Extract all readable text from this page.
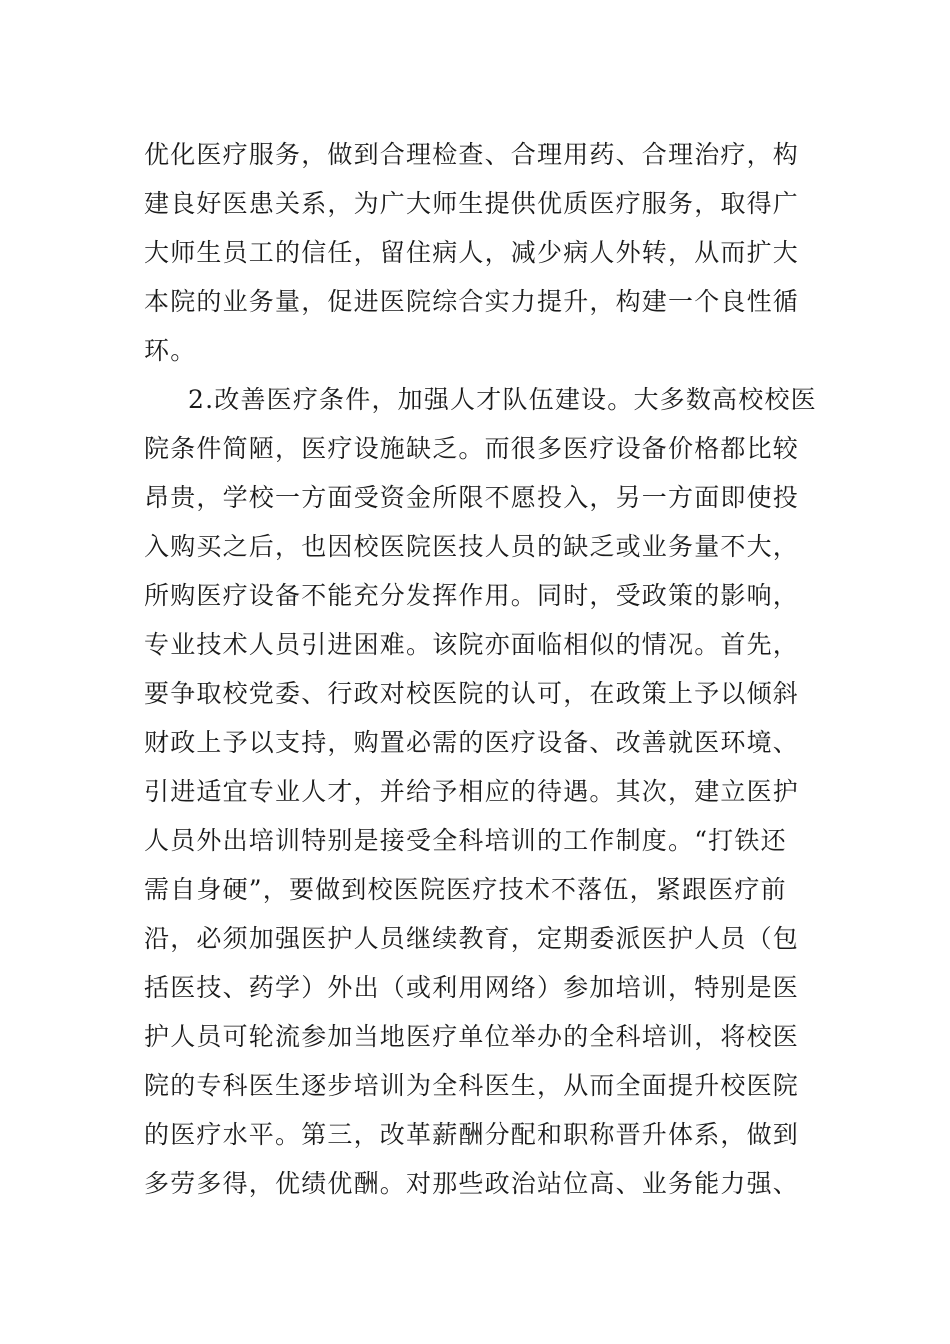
优化医疗服务，做到合理检查、合理用药、合理治疗，构
建良好医患关系，为广大师生提供优质医疗服务，取得广
大师生员工的信任，留住病人，减少病人外转，从而扩大
本院的业务量，促进医院综合实力提升，构建一个良性循
环。
2.改善医疗条件，加强人才队伍建设。大多数高校校医
院条件简陋，医疗设施缺乏。而很多医疗设备价格都比较
昂贵，学校一方面受资金所限不愿投入，另一方面即使投
入购买之后，也因校医院医技人员的缺乏或业务量不大，
所购医疗设备不能充分发挥作用。同时，受政策的影响，
专业技术人员引进困难。该院亦面临相似的情况。首先，
要争取校党委、行政对校医院的认可，在政策上予以倾斜
财政上予以支持，购置必需的医疗设备、改善就医环境、
引进适宜专业人才，并给予相应的待遇。其次，建立医护
人员外出培训特别是接受全科培训的工作制度。“打铁还
需自身硬”，要做到校医院医疗技术不落伍，紧跟医疗前
沿，必须加强医护人员继续教育，定期委派医护人员（包
括医技、药学）外出（或利用网络）参加培训，特别是医
护人员可轮流参加当地医疗单位举办的全科培训，将校医
院的专科医生逐步培训为全科医生，从而全面提升校医院
的医疗水平。第三，改革薪酬分配和职称晋升体系，做到
多劳多得，优绩优酬。对那些政治站位高、业务能力强、
